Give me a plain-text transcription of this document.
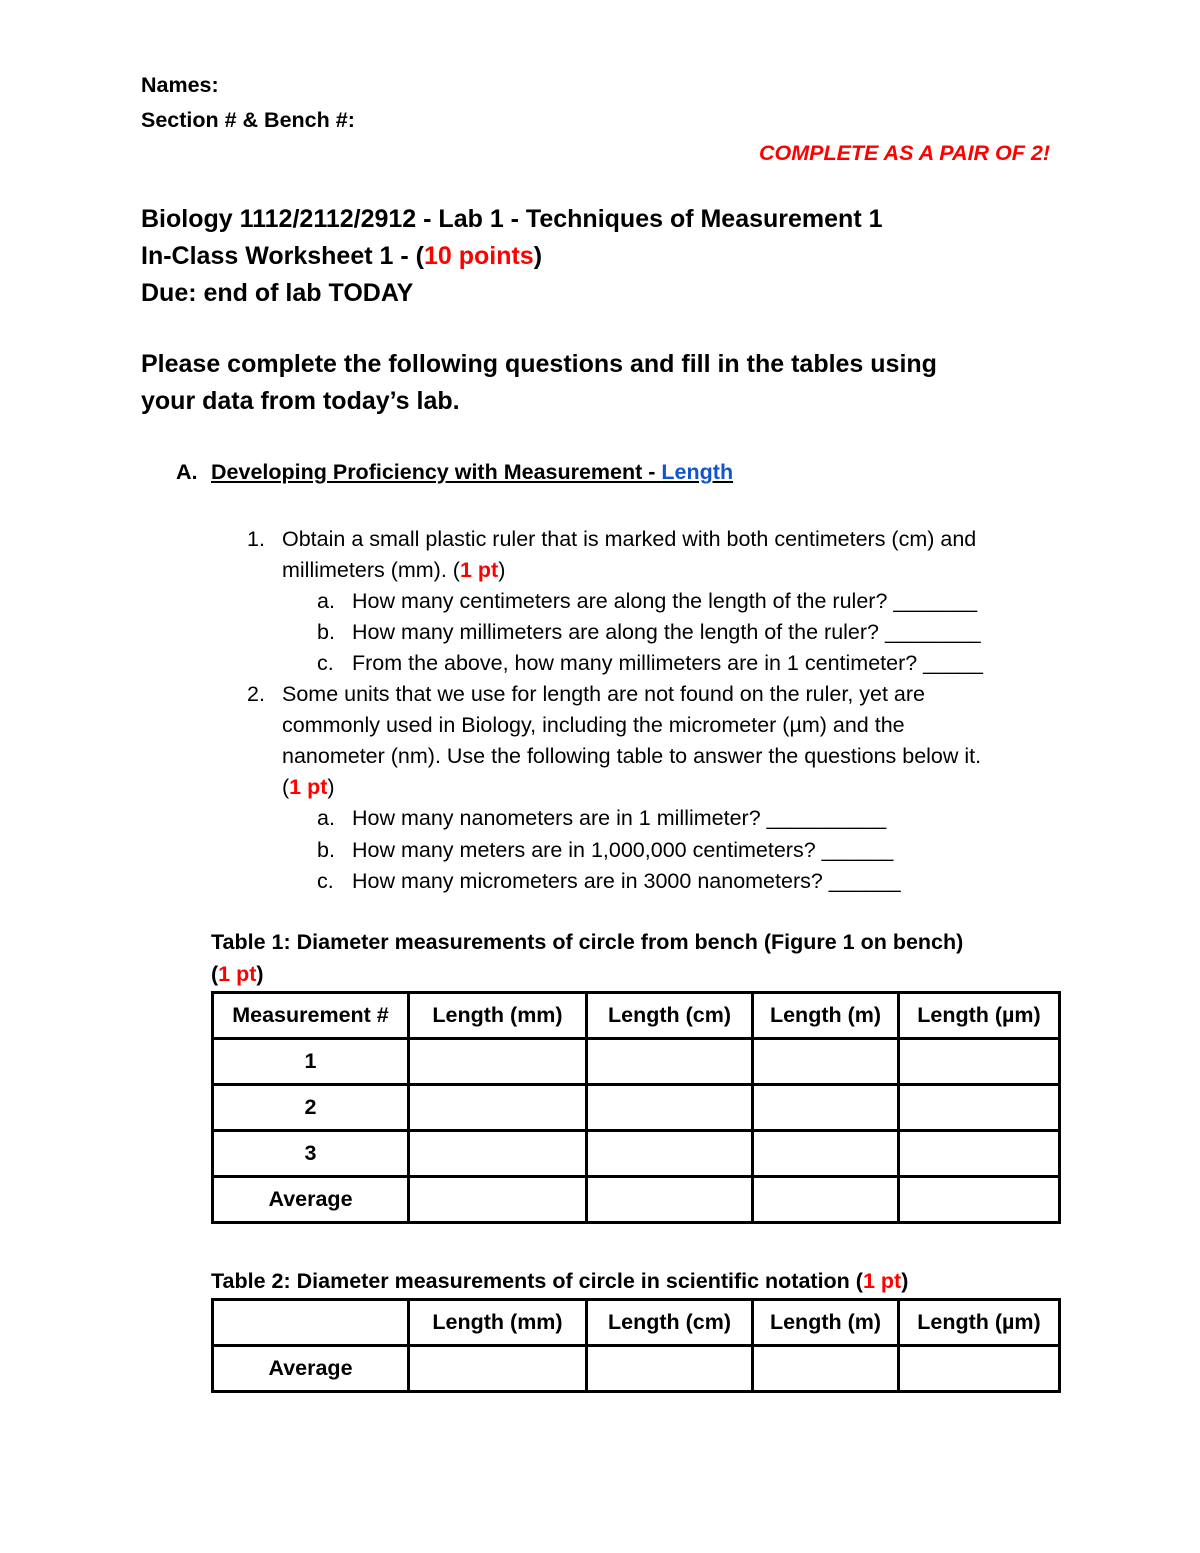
Names:
Section # & Bench #:
COMPLETE AS A PAIR OF 2!
Biology 1112/2112/2912 - Lab 1 - Techniques of Measurement 1
In-Class Worksheet 1 - (10 points)
Due: end of lab TODAY
Please complete the following questions and fill in the tables using
your data from today’s lab.
A. Developing Proficiency with Measurement - Length
1. Obtain a small plastic ruler that is marked with both centimeters (cm) and
millimeters (mm). (1 pt)
a. How many centimeters are along the length of the ruler? _______
b. How many millimeters are along the length of the ruler? ________
c. From the above, how many millimeters are in 1 centimeter? _____
2. Some units that we use for length are not found on the ruler, yet are
commonly used in Biology, including the micrometer (µm) and the
nanometer (nm). Use the following table to answer the questions below it.
(1 pt)
a. How many nanometers are in 1 millimeter? __________
b. How many meters are in 1,000,000 centimeters? ______
c. How many micrometers are in 3000 nanometers? ______
Table 1: Diameter measurements of circle from bench (Figure 1 on bench)
(1 pt)
Measurement #	Length (mm)	Length (cm)	Length (m)	Length (µm)
1				
2				
3				
Average				
Table 2: Diameter measurements of circle in scientific notation (1 pt)
	Length (mm)	Length (cm)	Length (m)	Length (µm)
Average				
